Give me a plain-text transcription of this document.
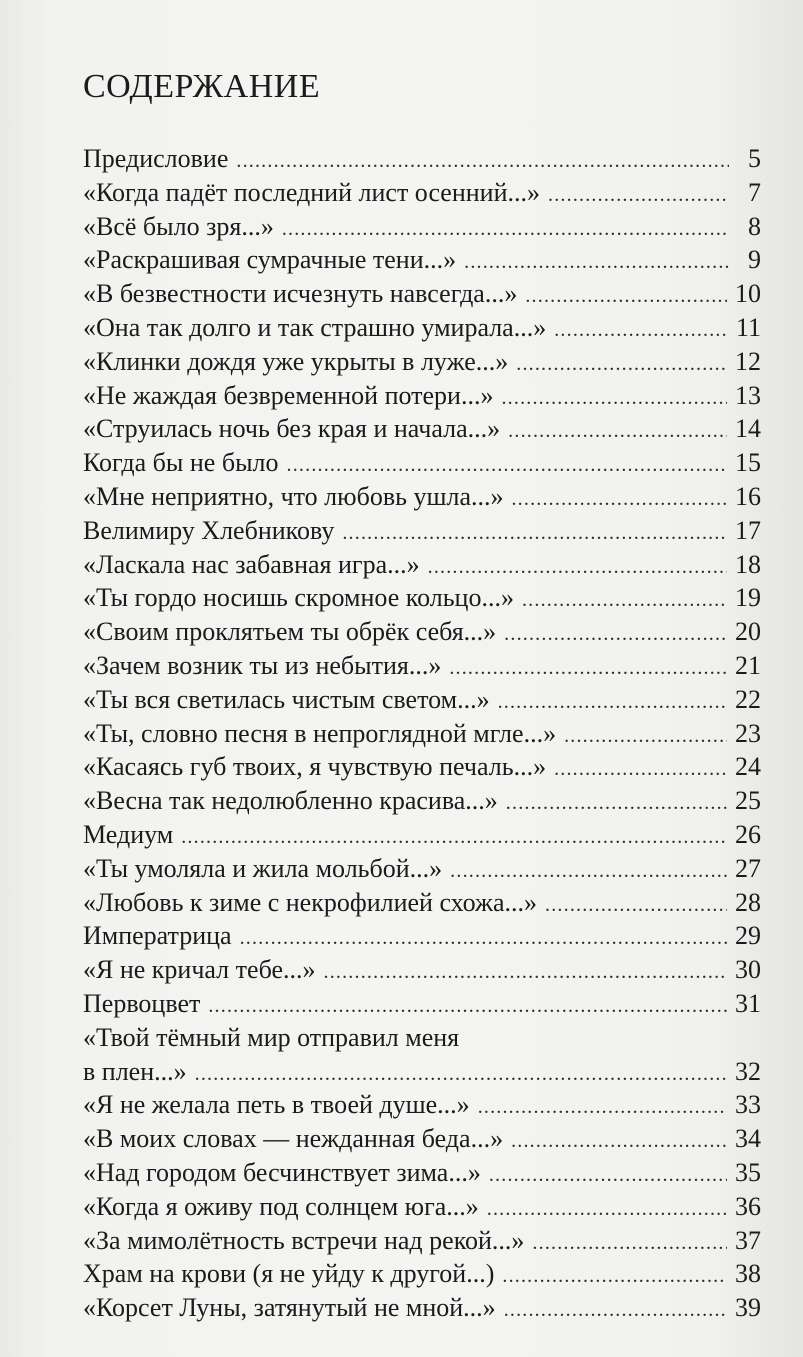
СОДЕРЖАНИЕ
Предисловие .....	5
«Когда падёт последний лист осенний...» .....	7
«Всё было зря...» .....	8
«Раскрашивая сумрачные тени...» .....	9
«В безвестности исчезнуть навсегда...» .....	10
«Она так долго и так страшно умирала...» .....	11
«Клинки дождя уже укрыты в луже...» .....	12
«Не жаждая безвременной потери...» .....	13
«Струилась ночь без края и начала...» .....	14
Когда бы не было .....	15
«Мне неприятно, что любовь ушла...» .....	16
Велимиру Хлебникову .....	17
«Ласкала нас забавная игра...» .....	18
«Ты гордо носишь скромное кольцо...» .....	19
«Своим проклятьем ты обрёк себя...» .....	20
«Зачем возник ты из небытия...» .....	21
«Ты вся светилась чистым светом...» .....	22
«Ты, словно песня в непроглядной мгле...» .....	23
«Касаясь губ твоих, я чувствую печаль...» .....	24
«Весна так недолюбленно красива...» .....	25
Медиум .....	26
«Ты умоляла и жила мольбой...» .....	27
«Любовь к зиме с некрофилией схожа...» .....	28
Императрица .....	29
«Я не кричал тебе...» .....	30
Первоцвет .....	31
«Твой тёмный мир отправил меня
в плен...» .....	32
«Я не желала петь в твоей душе...» .....	33
«В моих словах — нежданная беда...» .....	34
«Над городом бесчинствует зима...» .....	35
«Когда я оживу под солнцем юга...» .....	36
«За мимолётность встречи над рекой...» .....	37
Храм на крови (я не уйду к другой...) .....	38
«Корсет Луны, затянутый не мной...» .....	39
